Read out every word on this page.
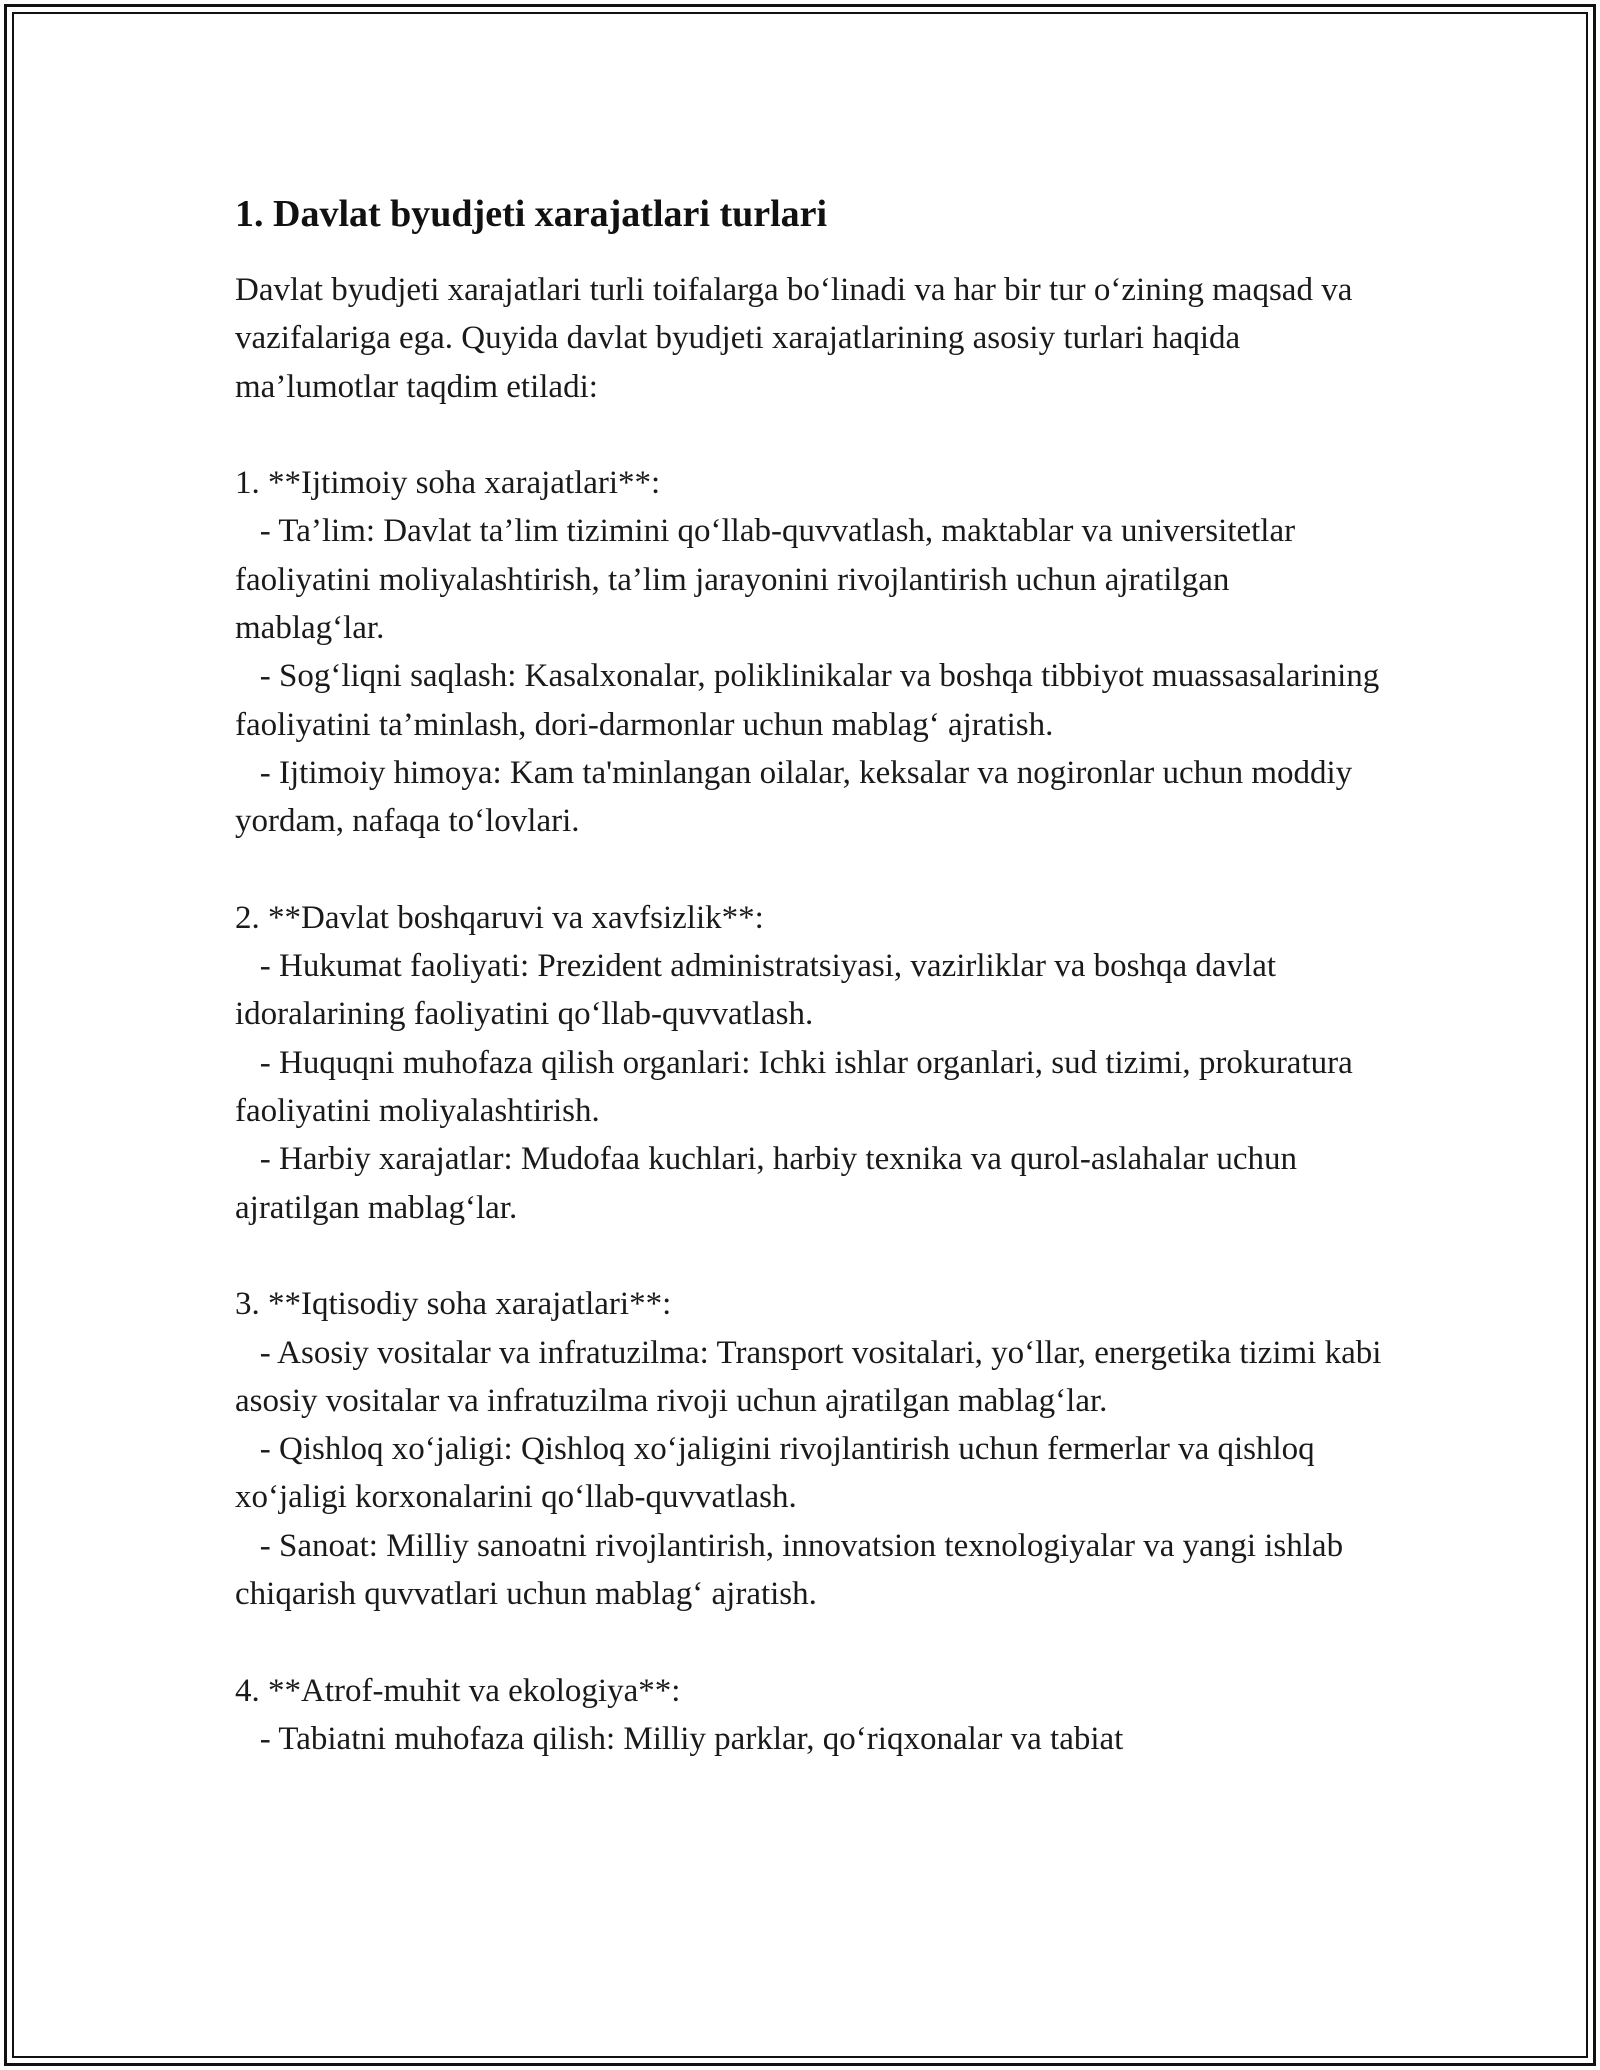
1. Davlat byudjeti xarajatlari turlari

Davlat byudjeti xarajatlari turli toifalarga bo‘linadi va har bir tur o‘zining maqsad va vazifalariga ega. Quyida davlat byudjeti xarajatlarining asosiy turlari haqida ma’lumotlar taqdim etiladi:

1. **Ijtimoiy soha xarajatlari**:

- Ta’lim: Davlat ta’lim tizimini qo‘llab-quvvatlash, maktablar va universitetlar faoliyatini moliyalashtirish, ta’lim jarayonini rivojlantirish uchun ajratilgan mablag‘lar.

- Sog‘liqni saqlash: Kasalxonalar, poliklinikalar va boshqa tibbiyot muassasalarining faoliyatini ta’minlash, dori-darmonlar uchun mablag‘ ajratish.

- Ijtimoiy himoya: Kam ta'minlangan oilalar, keksalar va nogironlar uchun moddiy yordam, nafaqa to‘lovlari.

2. **Davlat boshqaruvi va xavfsizlik**:

- Hukumat faoliyati: Prezident administratsiyasi, vazirliklar va boshqa davlat idoralarining faoliyatini qo‘llab-quvvatlash.

- Huquqni muhofaza qilish organlari: Ichki ishlar organlari, sud tizimi, prokuratura faoliyatini moliyalashtirish.

- Harbiy xarajatlar: Mudofaa kuchlari, harbiy texnika va qurol-aslahalar uchun ajratilgan mablag‘lar.

3. **Iqtisodiy soha xarajatlari**:

- Asosiy vositalar va infratuzilma: Transport vositalari, yo‘llar, energetika tizimi kabi asosiy vositalar va infratuzilma rivoji uchun ajratilgan mablag‘lar.

- Qishloq xo‘jaligi: Qishloq xo‘jaligini rivojlantirish uchun fermerlar va qishloq xo‘jaligi korxonalarini qo‘llab-quvvatlash.

- Sanoat: Milliy sanoatni rivojlantirish, innovatsion texnologiyalar va yangi ishlab chiqarish quvvatlari uchun mablag‘ ajratish.

4. **Atrof-muhit va ekologiya**:

- Tabiatni muhofaza qilish: Milliy parklar, qo‘riqxonalar va tabiat
